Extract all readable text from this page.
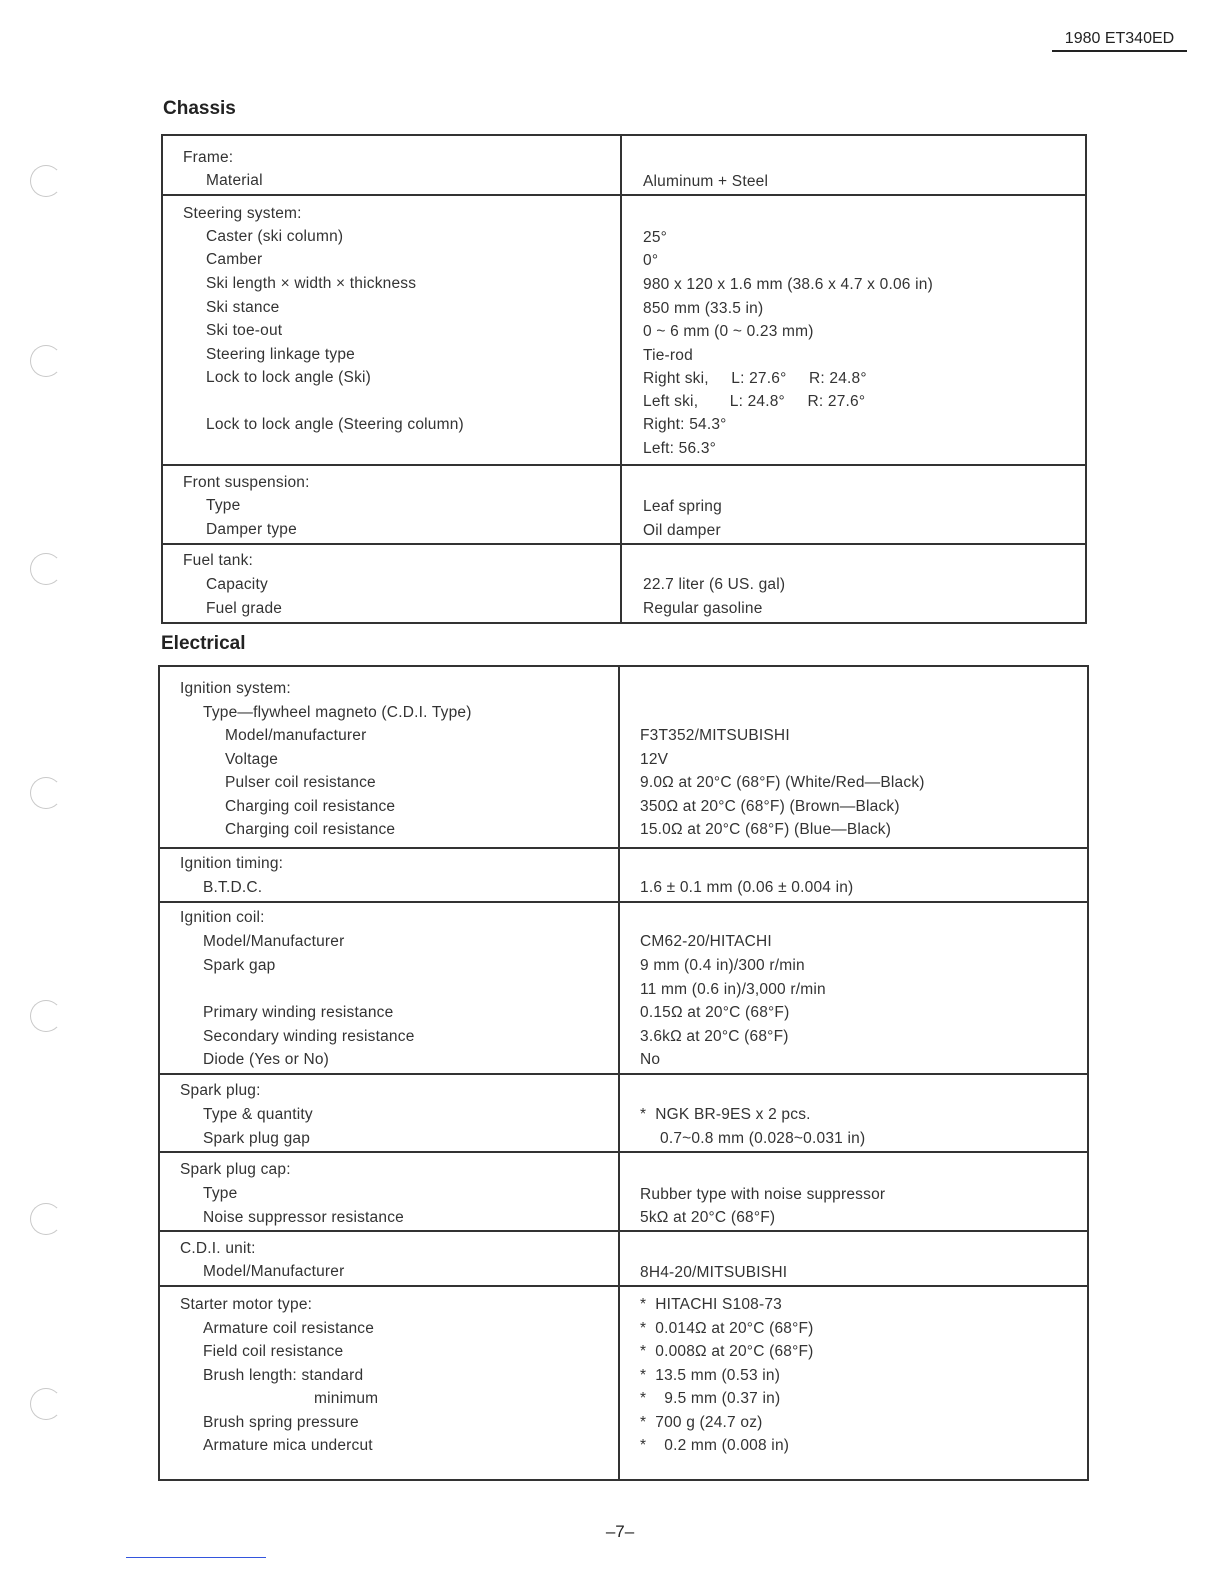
1980 ET340ED
Chassis
Frame:
Material	Aluminum + Steel
Steering system:
Caster (ski column)	25°
Camber	0°
Ski length × width × thickness	980 x 120 x 1.6 mm (38.6 x 4.7 x 0.06 in)
Ski stance	850 mm (33.5 in)
Ski toe-out	0 ~ 6 mm (0 ~ 0.23 mm)
Steering linkage type	Tie-rod
Lock to lock angle (Ski)	Right ski,     L: 27.6°     R: 24.8°
Left ski,       L: 24.8°     R: 27.6°
Lock to lock angle (Steering column)	Right: 54.3°
Left: 56.3°
Front suspension:
Type	Leaf spring
Damper type	Oil damper
Fuel tank:
Capacity	22.7 liter (6 US. gal)
Fuel grade	Regular gasoline
Electrical
Ignition system:
Type—flywheel magneto (C.D.I. Type)
Model/manufacturer	F3T352/MITSUBISHI
Voltage	12V
Pulser coil resistance	9.0Ω at 20°C (68°F) (White/Red—Black)
Charging coil resistance	350Ω at 20°C (68°F) (Brown—Black)
Charging coil resistance	15.0Ω at 20°C (68°F) (Blue—Black)
Ignition timing:
B.T.D.C.	1.6 ± 0.1 mm (0.06 ± 0.004 in)
Ignition coil:
Model/Manufacturer	CM62-20/HITACHI
Spark gap	9 mm (0.4 in)/300 r/min
11 mm (0.6 in)/3,000 r/min
Primary winding resistance	0.15Ω at 20°C (68°F)
Secondary winding resistance	3.6kΩ at 20°C (68°F)
Diode (Yes or No)	No
Spark plug:
Type & quantity	*  NGK BR-9ES x 2 pcs.
Spark plug gap	0.7~0.8 mm (0.028~0.031 in)
Spark plug cap:
Type	Rubber type with noise suppressor
Noise suppressor resistance	5kΩ at 20°C (68°F)
C.D.I. unit:
Model/Manufacturer	8H4-20/MITSUBISHI
Starter motor type:	*  HITACHI S108-73
Armature coil resistance	*  0.014Ω at 20°C (68°F)
Field coil resistance	*  0.008Ω at 20°C (68°F)
Brush length: standard	*  13.5 mm (0.53 in)
minimum	*    9.5 mm (0.37 in)
Brush spring pressure	*  700 g (24.7 oz)
Armature mica undercut	*    0.2 mm (0.008 in)
–7–
